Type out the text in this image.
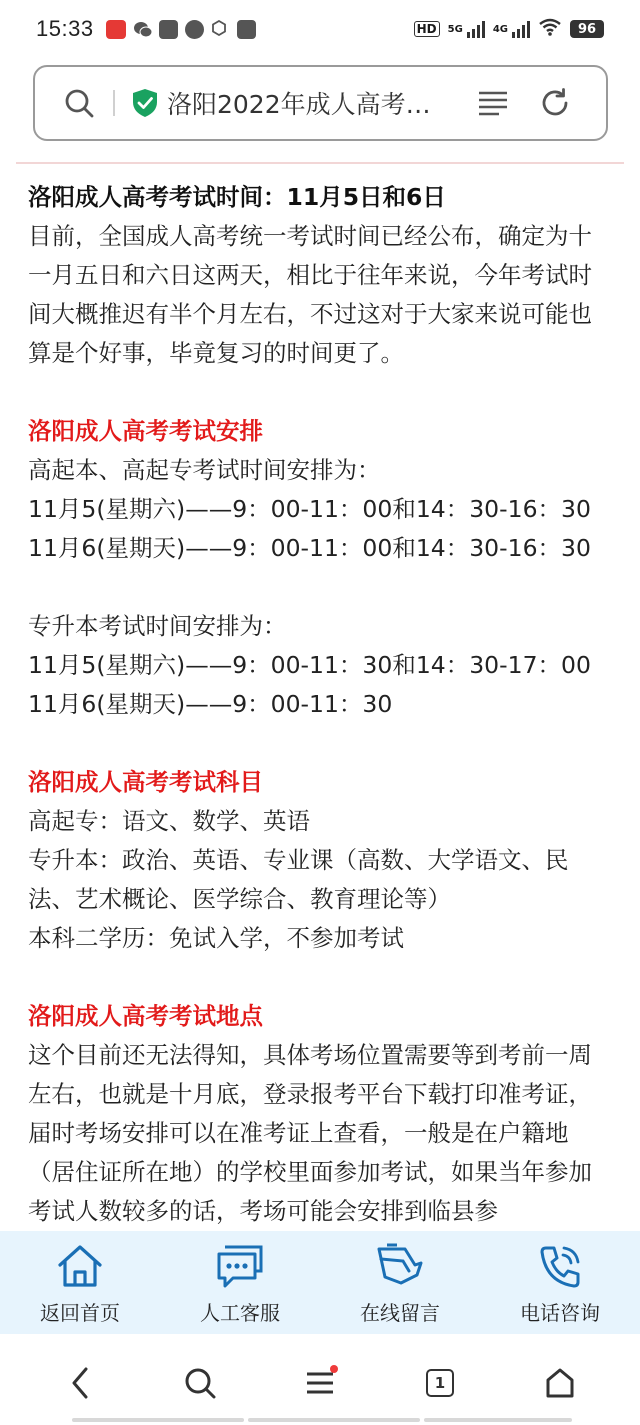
15:33	HD	5G	4G	96
洛阳2022年成人高考…

洛阳成人高考考试时间：11月5日和6日

目前，全国成人高考统一考试时间已经公布，确定为十一月五日和六日这两天，相比于往年来说，今年考试时间大概推迟有半个月左右，不过这对于大家来说可能也算是个好事，毕竟复习的时间更了。

洛阳成人高考考试安排

高起本、高起专考试时间安排为：

11月5(星期六)——9：00-11：00和14：30-16：30

11月6(星期天)——9：00-11：00和14：30-16：30

专升本考试时间安排为：

11月5(星期六)——9：00-11：30和14：30-17：00

11月6(星期天)——9：00-11：30

洛阳成人高考考试科目

高起专：语文、数学、英语

专升本：政治、英语、专业课（高数、大学语文、民法、艺术概论、医学综合、教育理论等）

本科二学历：免试入学，不参加考试

洛阳成人高考考试地点

这个目前还无法得知，具体考场位置需要等到考前一周左右，也就是十月底，登录报考平台下载打印准考证，届时考场安排可以在准考证上查看，一般是在户籍地（居住证所在地）的学校里面参加考试，如果当年参加考试人数较多的话，考场可能会安排到临县参

返回首页	人工客服	在线留言	电话咨询
1
